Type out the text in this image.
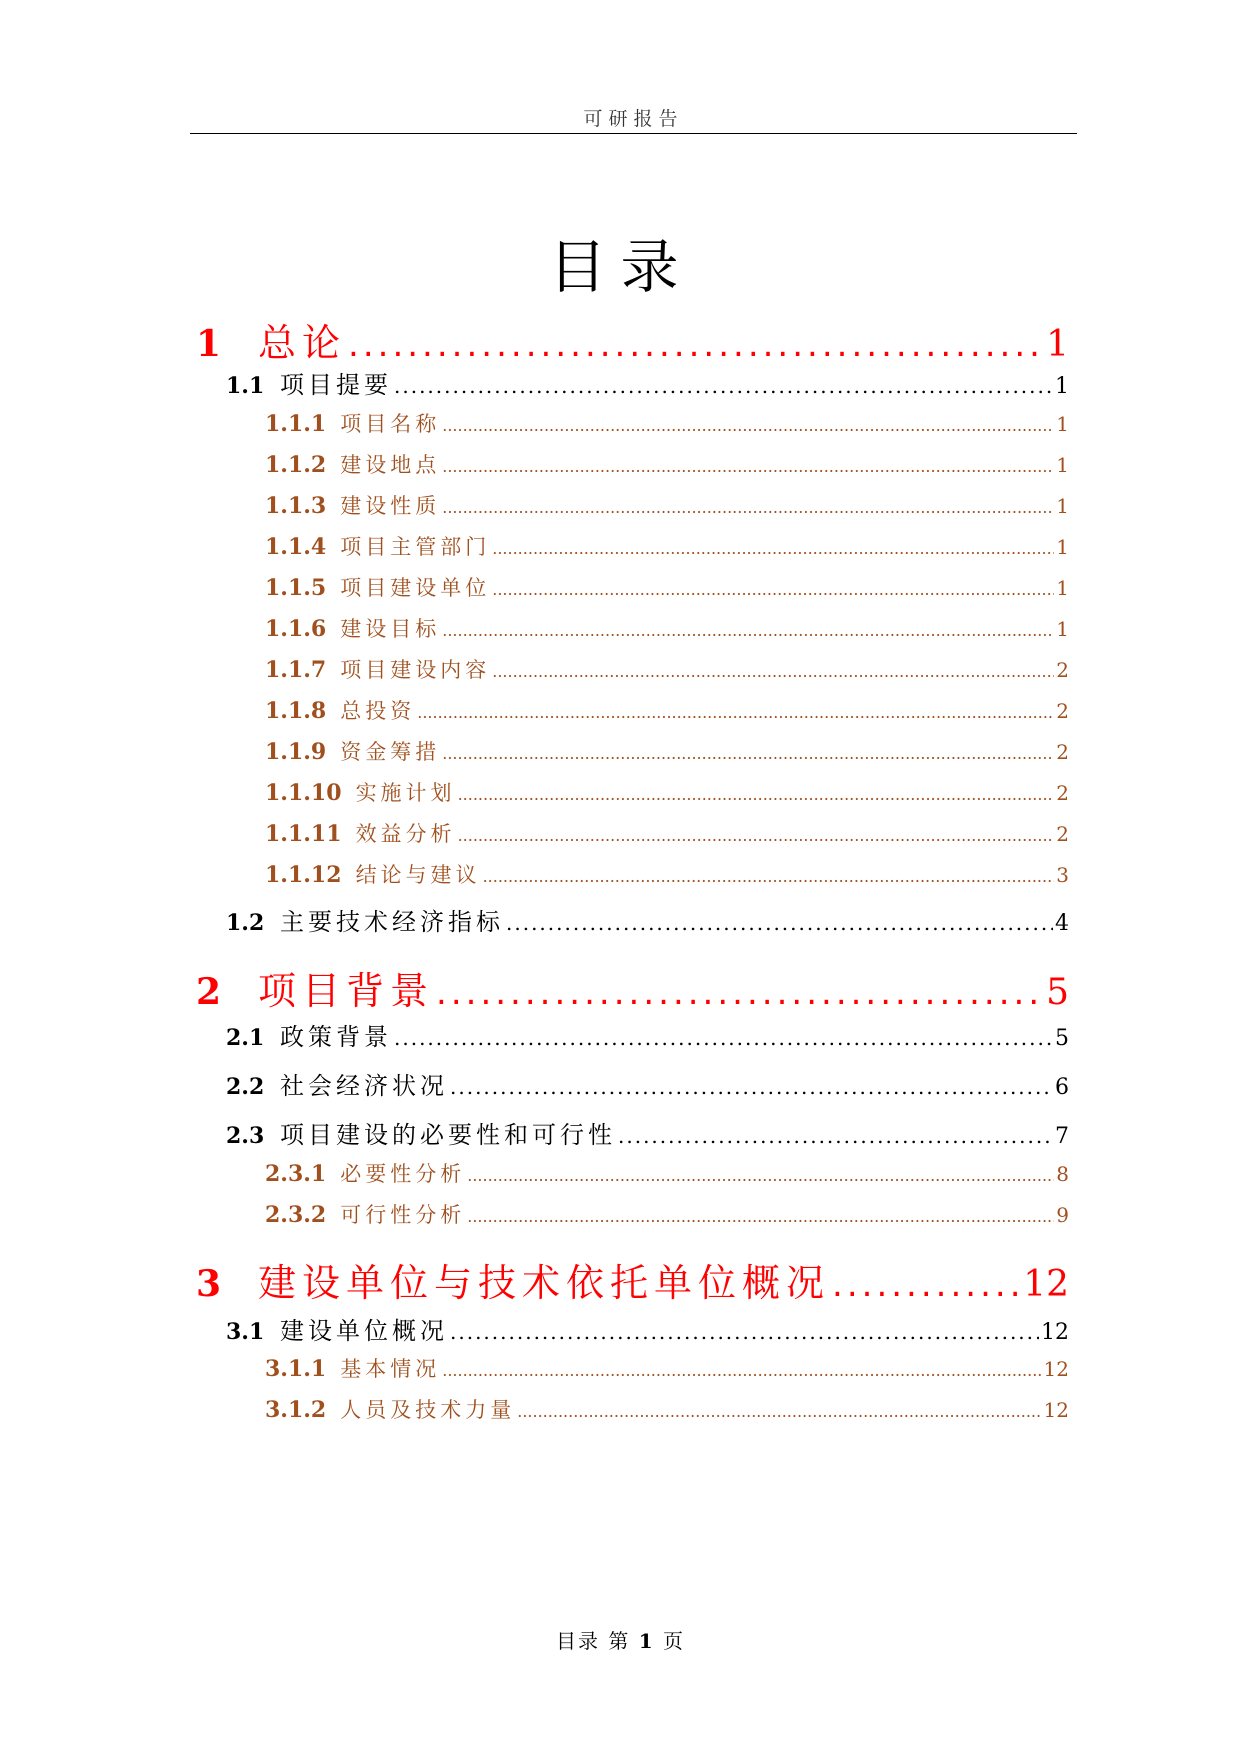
可研报告
目录
1 总论 .....	1
1.1 项目提要 .....	1
1.1.1 项目名称 .....	1
1.1.2 建设地点 .....	1
1.1.3 建设性质 .....	1
1.1.4 项目主管部门 .....	1
1.1.5 项目建设单位 .....	1
1.1.6 建设目标 .....	1
1.1.7 项目建设内容 .....	2
1.1.8 总投资 .....	2
1.1.9 资金筹措 .....	2
1.1.10 实施计划 .....	2
1.1.11 效益分析 .....	2
1.1.12 结论与建议 .....	3
1.2 主要技术经济指标 .....	4
2 项目背景 .....	5
2.1 政策背景 .....	5
2.2 社会经济状况 .....	6
2.3 项目建设的必要性和可行性 .....	7
2.3.1 必要性分析 .....	8
2.3.2 可行性分析 .....	9
3 建设单位与技术依托单位概况 .....	12
3.1 建设单位概况 .....	12
3.1.1 基本情况 .....	12
3.1.2 人员及技术力量 .....	12
目录 第 1 页
